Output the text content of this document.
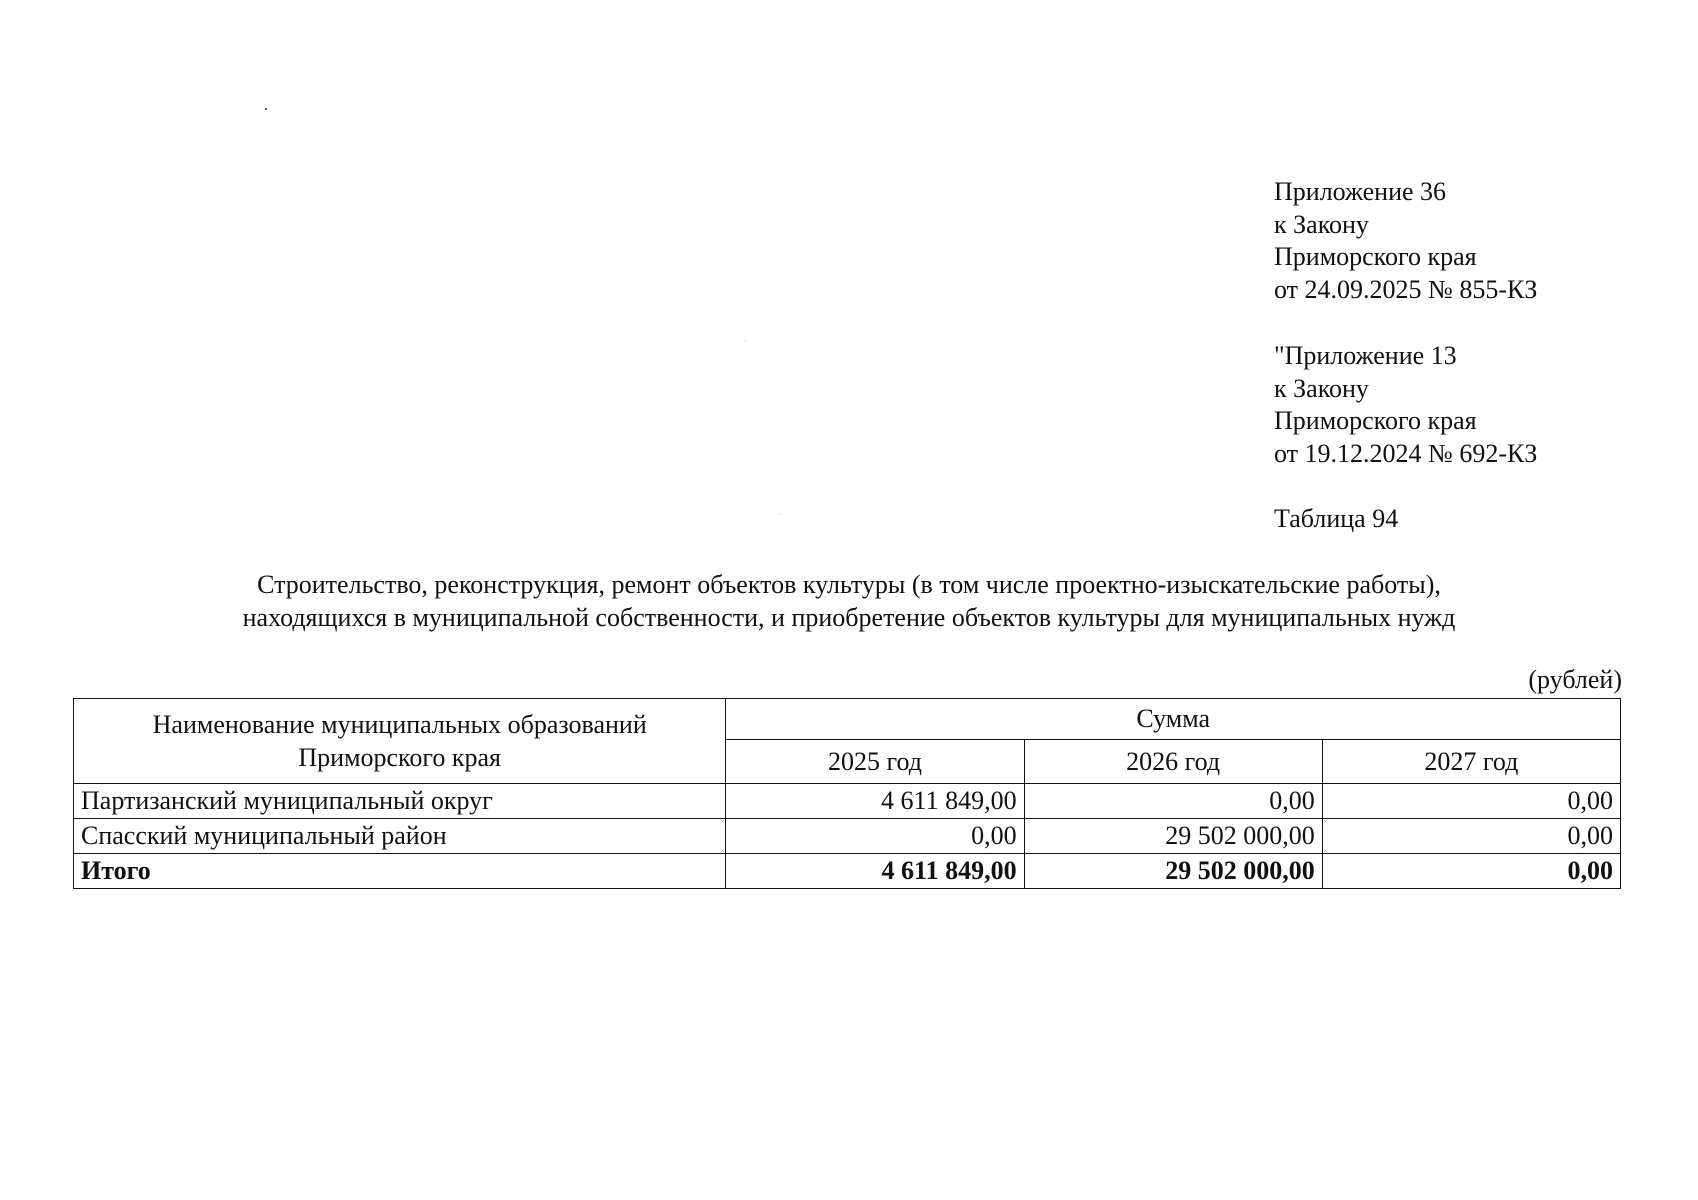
Приложение 36
к Закону
Приморского края
от 24.09.2025 № 855-КЗ
"Приложение 13
к Закону
Приморского края
от 19.12.2024 № 692-КЗ
Таблица 94
Строительство, реконструкция, ремонт объектов культуры (в том числе проектно-изыскательские работы),
находящихся в муниципальной собственности, и приобретение объектов культуры для муниципальных нужд
(рублей)
Наименование муниципальных образований
Приморского края	Сумма		
	2025 год	2026 год	2027 год
Партизанский муниципальный округ	4 611 849,00	0,00	0,00
Спасский муниципальный район	0,00	29 502 000,00	0,00
Итого	4 611 849,00	29 502 000,00	0,00
